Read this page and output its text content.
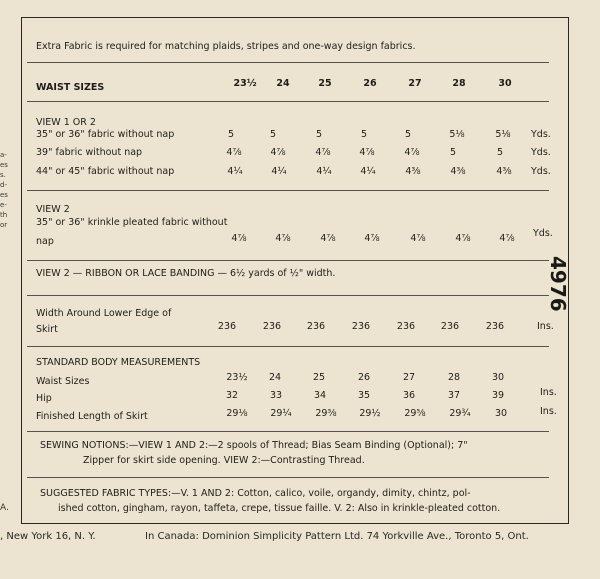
a-
es
s.
d-
es
e-
th
or
A.
Extra Fabric is required for matching plaids, stripes and one-way design fabrics.
WAIST SIZES	23½	24	25	26	27	28	30
VIEW 1 OR 2
35" or 36" fabric without nap	5	5	5	5	5	5⅛	5⅛	Yds.
39" fabric without nap	4⅞	4⅞	4⅞	4⅞	4⅞	5	5	Yds.
44" or 45" fabric without nap	4¼	4¼	4¼	4¼	4⅜	4⅜	4⅜	Yds.
VIEW 2
35" or 36" krinkle pleated fabric without
nap	4⅞	4⅞	4⅞	4⅞	4⅞	4⅞	4⅞	Yds.
VIEW 2 — RIBBON OR LACE BANDING — 6½ yards of ½" width.
Width Around Lower Edge of
Skirt	236	236	236	236	236	236	236	Ins.
STANDARD BODY MEASUREMENTS
Waist Sizes	23½	24	25	26	27	28	30
Hip	32	33	34	35	36	37	39	Ins.
Finished Length of Skirt	29⅛	29¼	29⅜	29½	29⅝	29¾	30	Ins.
SEWING NOTIONS:—VIEW 1 AND 2:—2 spools of Thread; Bias Seam Binding (Optional); 7"
Zipper for skirt side opening. VIEW 2:—Contrasting Thread.
SUGGESTED FABRIC TYPES:—V. 1 AND 2: Cotton, calico, voile, organdy, dimity, chintz, pol-
ished cotton, gingham, rayon, taffeta, crepe, tissue faille. V. 2: Also in krinkle-pleated cotton.
4976
, New York 16, N. Y.	In Canada: Dominion Simplicity Pattern Ltd. 74 Yorkville Ave., Toronto 5, Ont.
